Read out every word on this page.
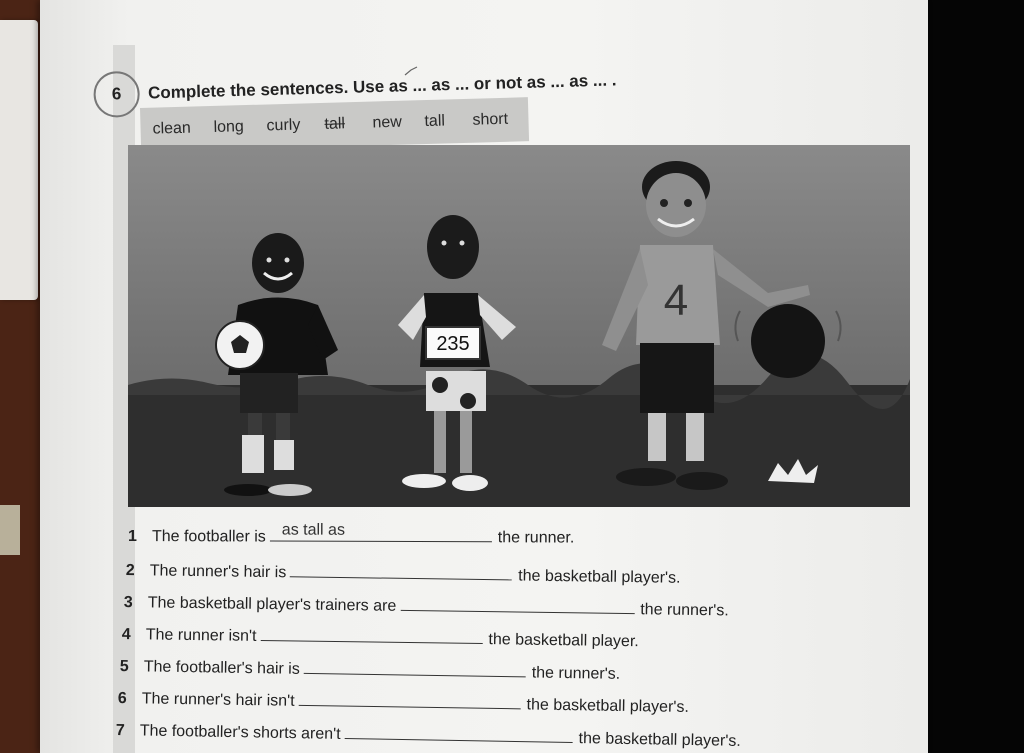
6 Complete the sentences. Use as ... as ... or not as ... as ... .
clean long curly tall new tall short
235
4
1 The footballer is as tall as	the runner.
2 The runner's hair is	the basketball player's.
3 The basketball player's trainers are	the runner's.
4 The runner isn't	the basketball player.
5 The footballer's hair is	the runner's.
6 The runner's hair isn't	the basketball player's.
7 The footballer's shorts aren't	the basketball player's.
